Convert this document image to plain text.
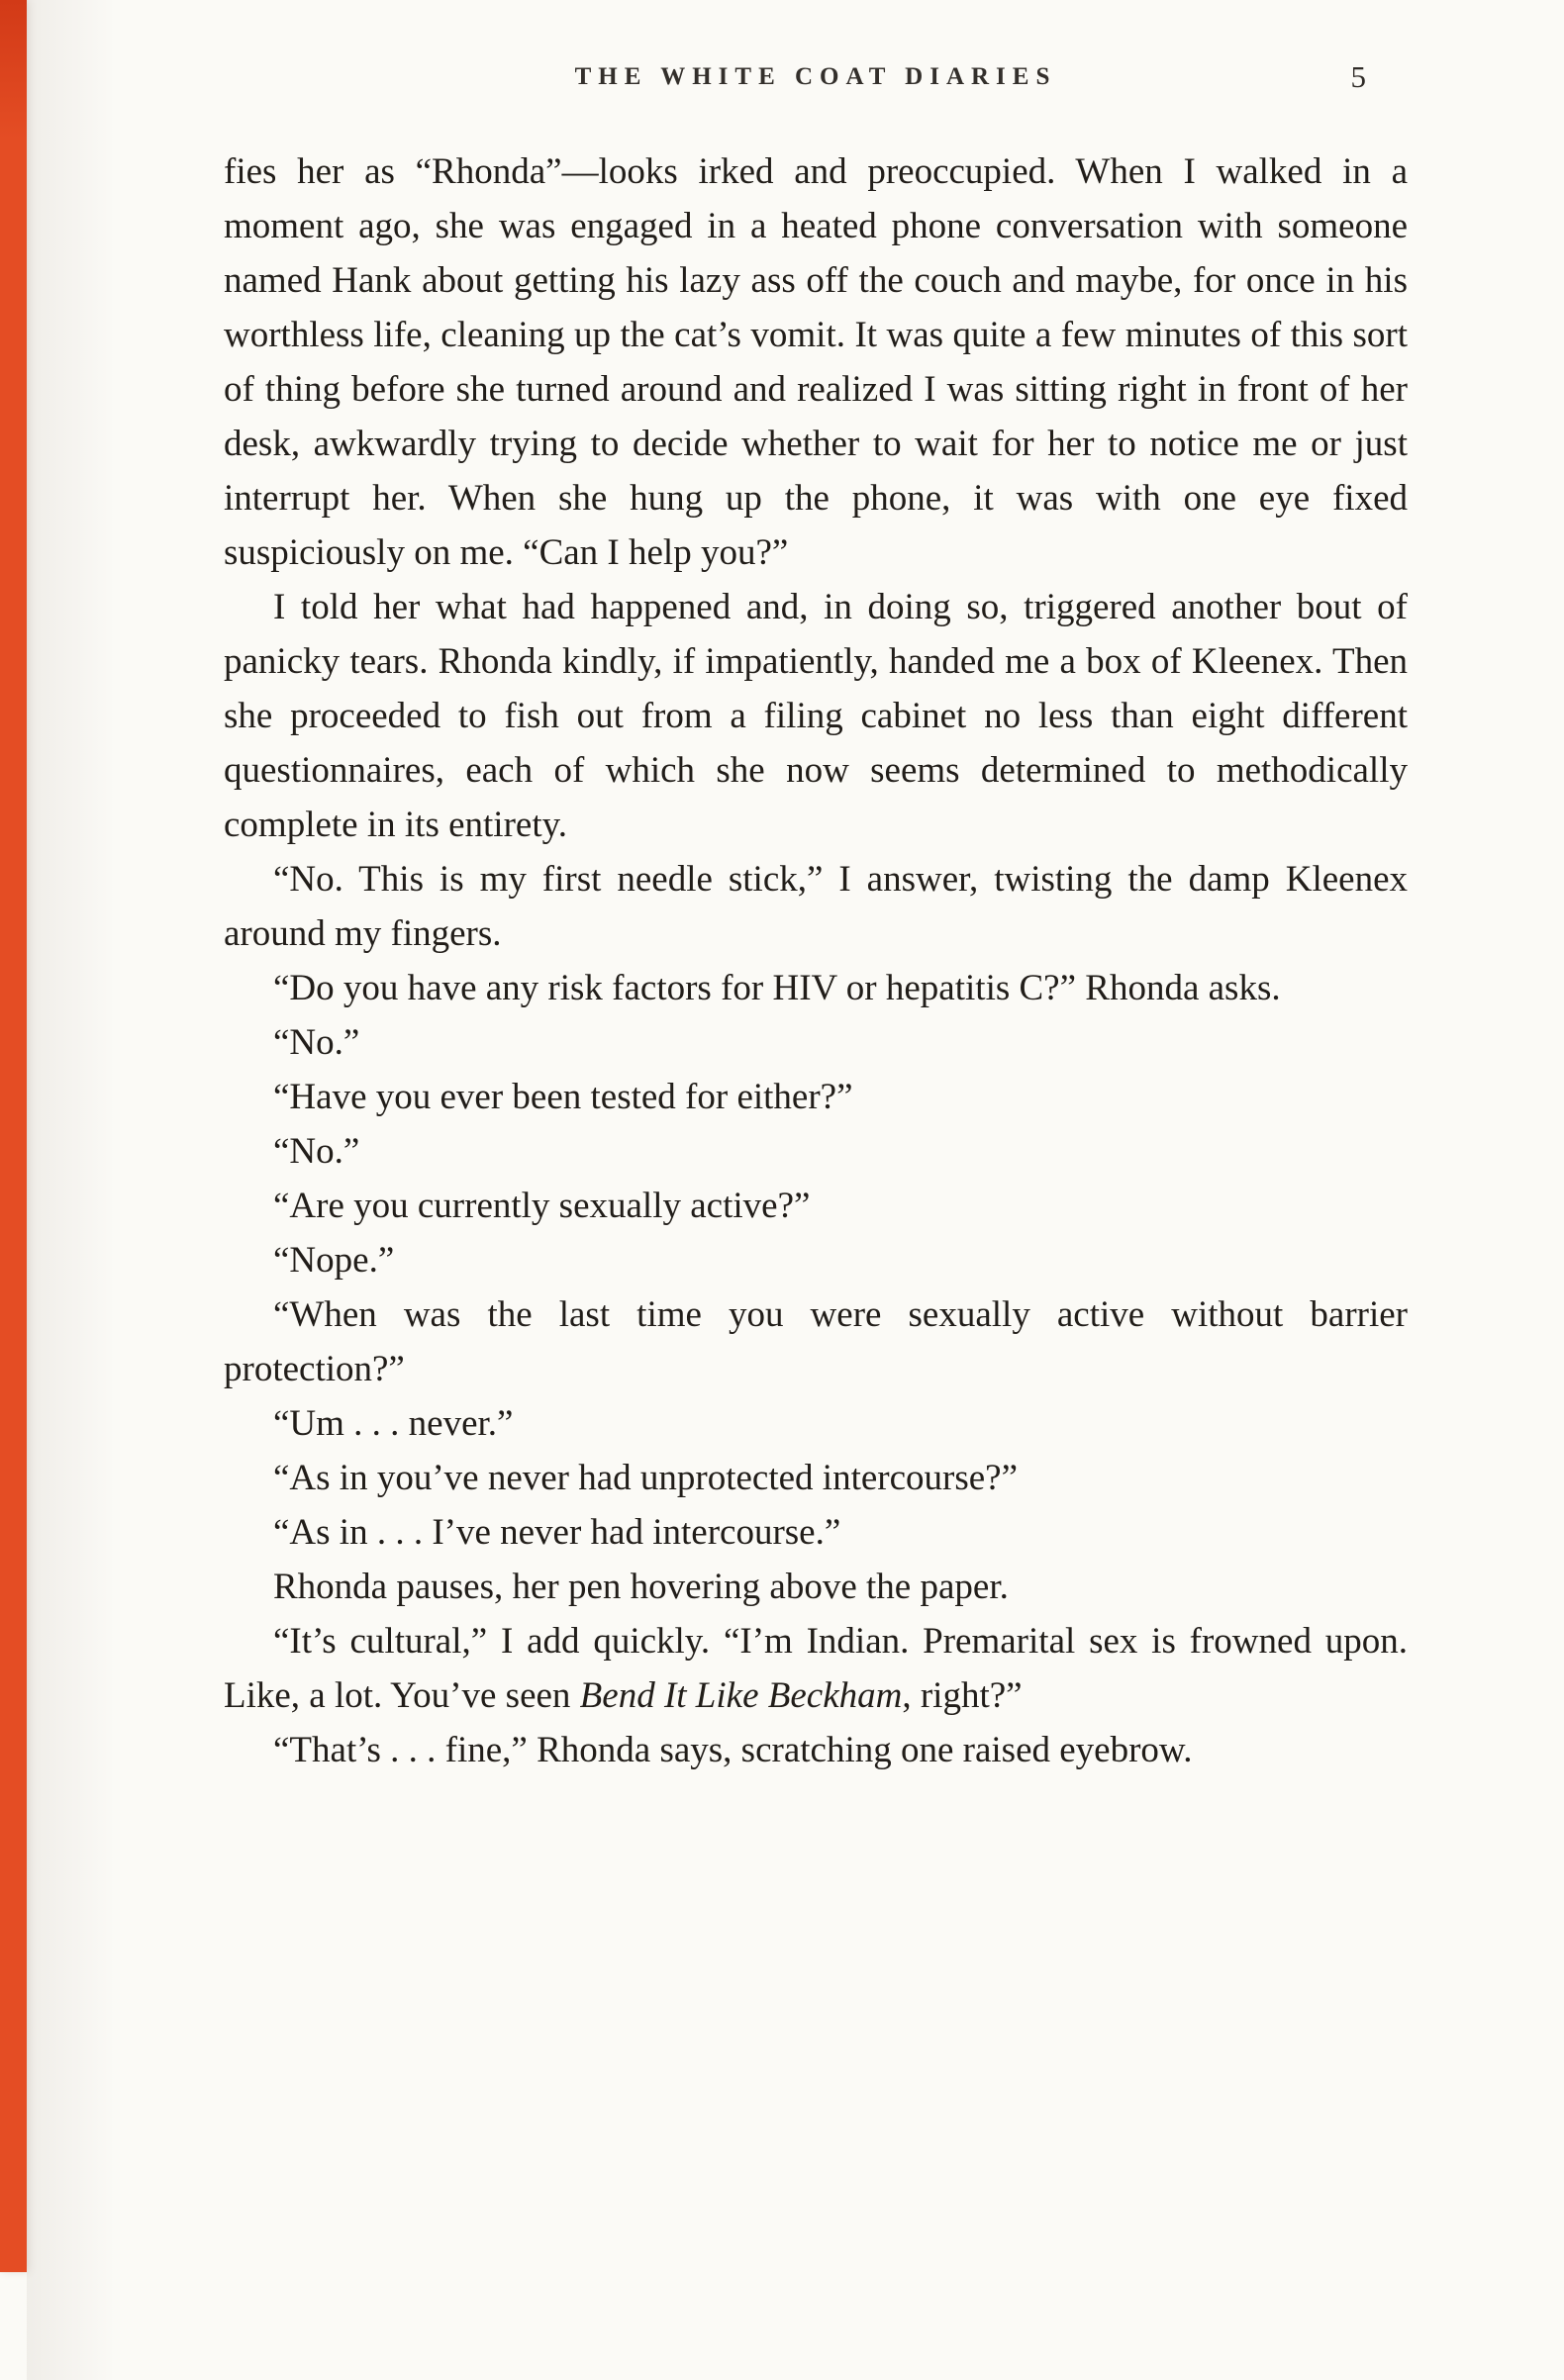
THE WHITE COAT DIARIES	5

fies her as “Rhonda”—looks irked and preoccupied. When I walked in a moment ago, she was engaged in a heated phone conversation with someone named Hank about getting his lazy ass off the couch and maybe, for once in his worthless life, cleaning up the cat’s vomit. It was quite a few minutes of this sort of thing before she turned around and realized I was sitting right in front of her desk, awkwardly trying to decide whether to wait for her to notice me or just interrupt her. When she hung up the phone, it was with one eye fixed suspiciously on me. “Can I help you?”

I told her what had happened and, in doing so, triggered another bout of panicky tears. Rhonda kindly, if impatiently, handed me a box of Kleenex. Then she proceeded to fish out from a filing cabinet no less than eight different questionnaires, each of which she now seems determined to methodically complete in its entirety.

“No. This is my first needle stick,” I answer, twisting the damp Kleenex around my fingers.

“Do you have any risk factors for HIV or hepatitis C?” Rhonda asks.

“No.”

“Have you ever been tested for either?”

“No.”

“Are you currently sexually active?”

“Nope.”

“When was the last time you were sexually active without barrier protection?”

“Um . . . never.”

“As in you’ve never had unprotected intercourse?”

“As in . . . I’ve never had intercourse.”

Rhonda pauses, her pen hovering above the paper.

“It’s cultural,” I add quickly. “I’m Indian. Premarital sex is frowned upon. Like, a lot. You’ve seen Bend It Like Beckham, right?”

“That’s . . . fine,” Rhonda says, scratching one raised eyebrow.
